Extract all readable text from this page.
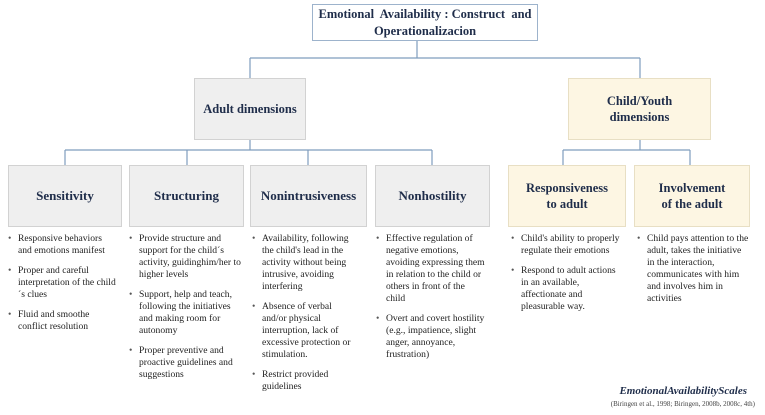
Emotional  Availability : Construct  and
Operationalizacion
Adult dimensions
Child/Youth
dimensions
Sensitivity	Structuring	Nonintrusiveness	Nonhostility	Responsiveness
to adult
Involvement
of the adult
• Responsive behaviors and emotions manifest
• Proper and careful interpretation of the child´s clues
• Fluid and smoothe conflict resolution
• Provide structure and support for the child´s activity, guidinghim/her to higher levels
• Support, help and teach, following the initiatives and making room for autonomy
• Proper preventive and proactive guidelines and suggestions
• Availability, following the child's lead in the activity without being intrusive, avoiding interfering
• Absence of verbal and/or physical interruption, lack of excessive protection or stimulation.
• Restrict provided guidelines
• Effective regulation of negative emotions, avoiding expressing them in relation to the child or others in front of the child
• Overt and covert hostility (e.g., impatience, slight anger, annoyance, frustration)
• Child's ability to properly regulate their emotions
• Respond to adult actions in an available, affectionate and pleasurable way.
• Child pays attention to the adult, takes the initiative in the interaction, communicates with him and involves him in activities
EmotionalAvailabilityScales
(Biringen et al., 1998; Biringen, 2008b, 2008c, 4th)
